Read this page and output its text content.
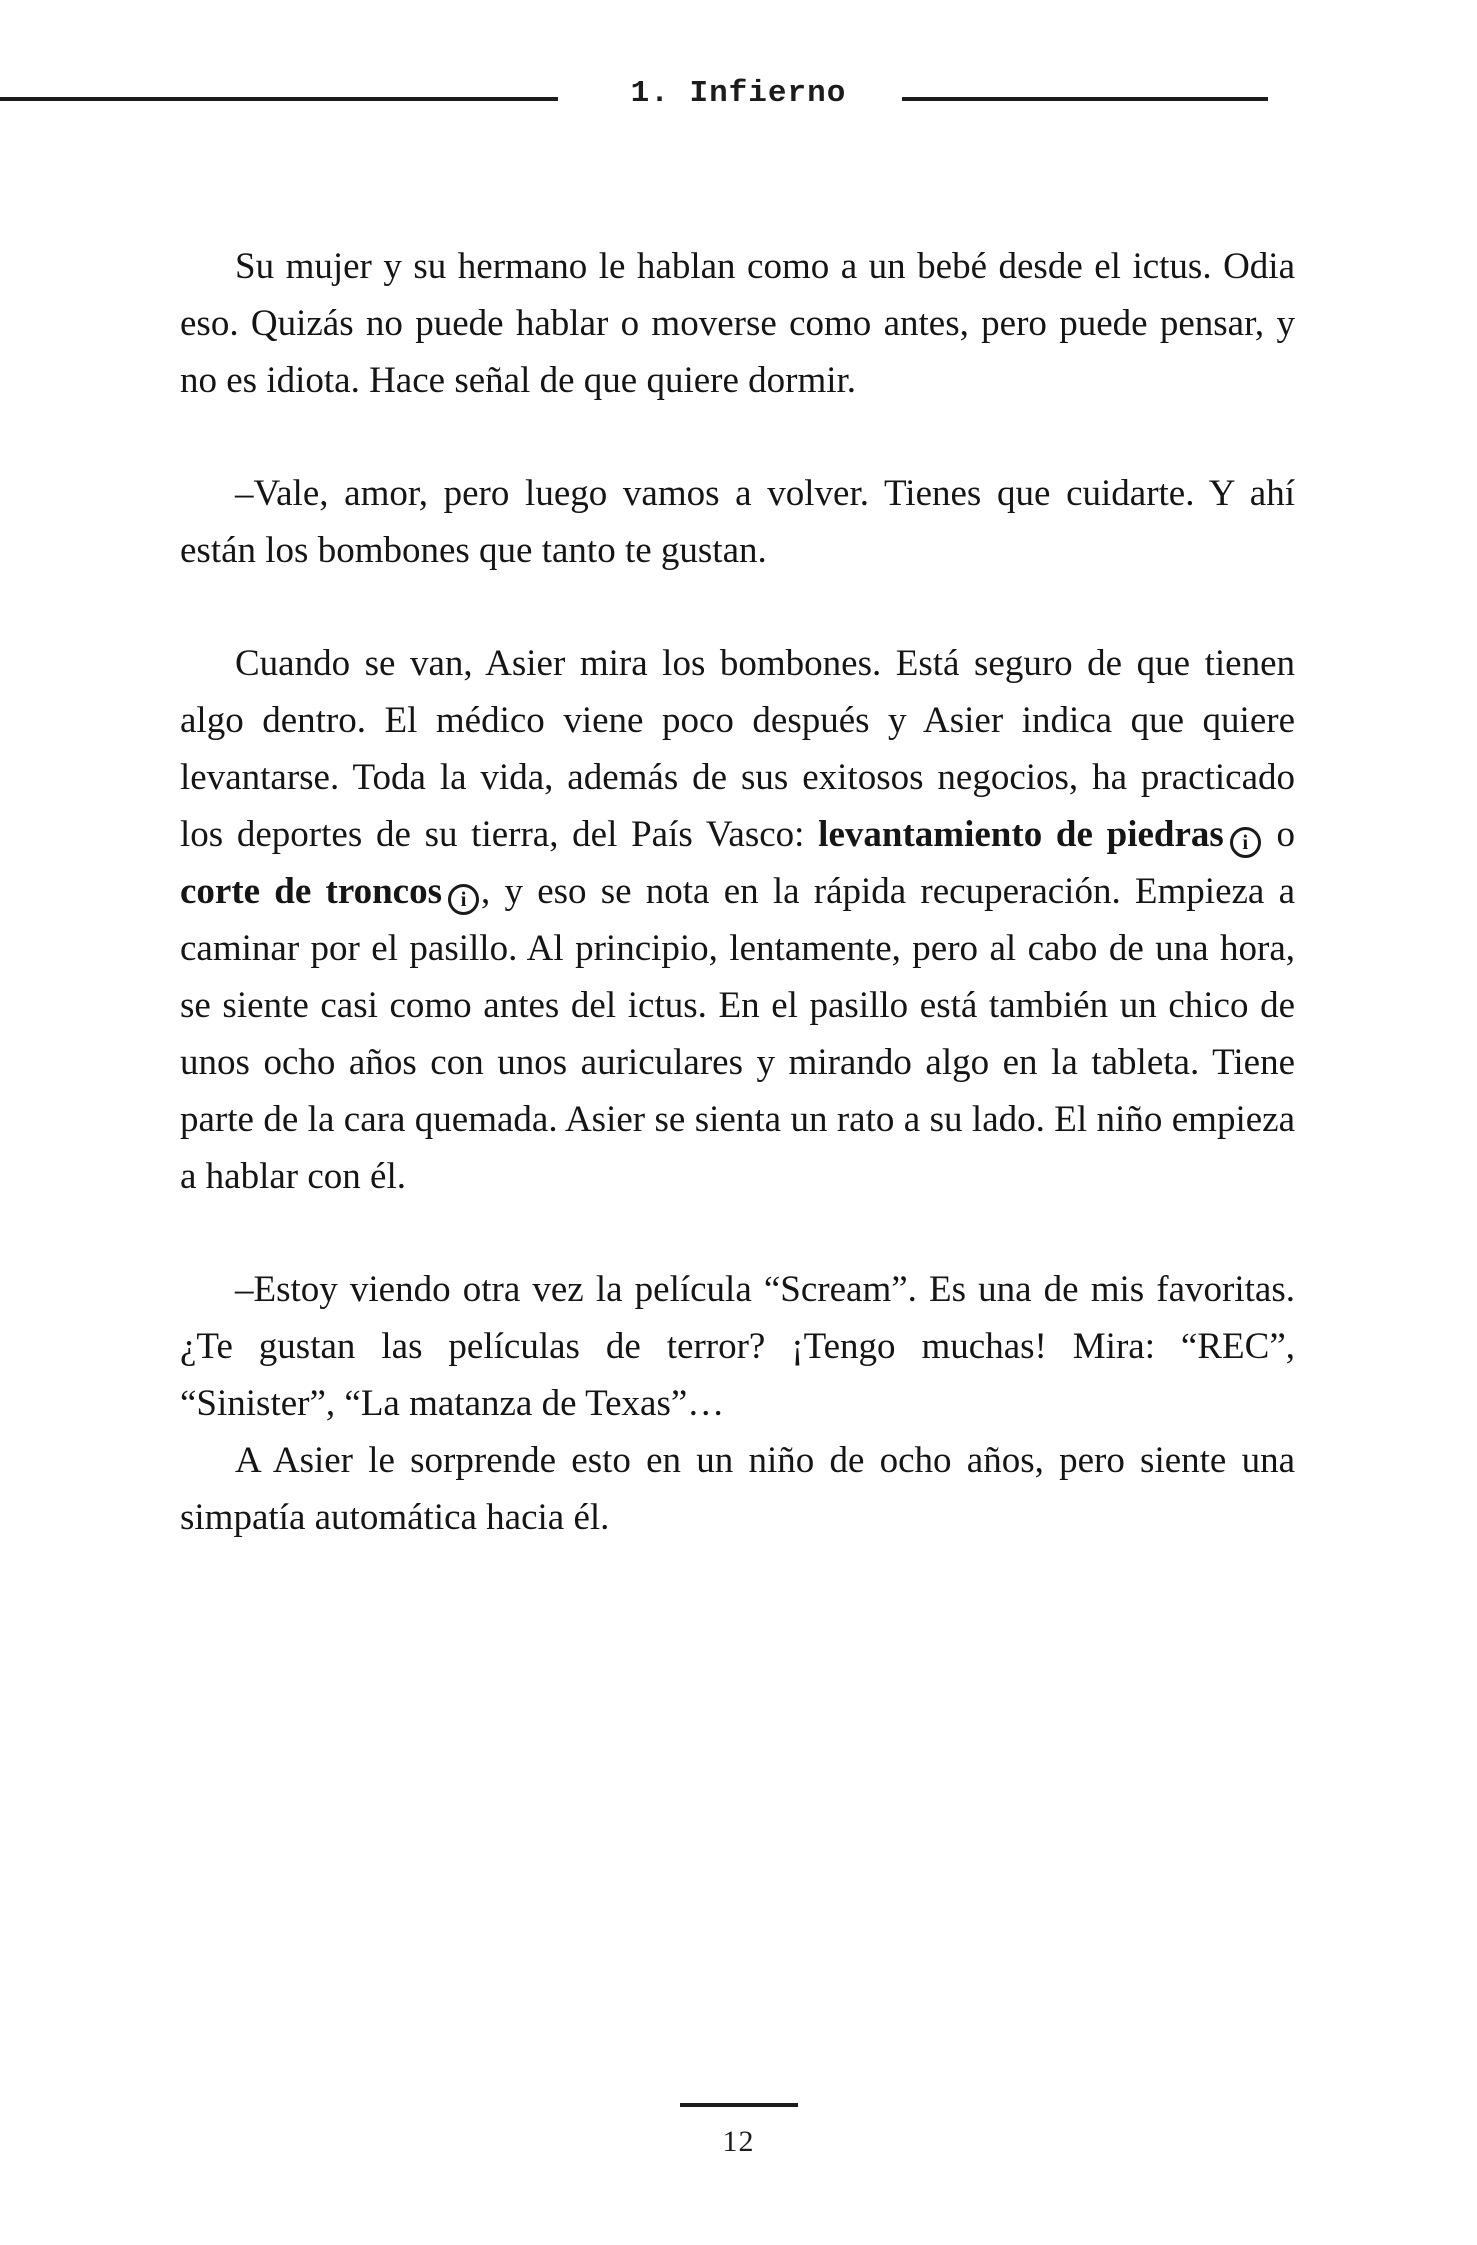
1. Infierno

Su mujer y su hermano le hablan como a un bebé desde el ictus. Odia eso. Quizás no puede hablar o moverse como antes, pero puede pensar, y no es idiota. Hace señal de que quiere dormir.

–Vale, amor, pero luego vamos a volver. Tienes que cuidarte. Y ahí están los bombones que tanto te gustan.

Cuando se van, Asier mira los bombones. Está seguro de que tienen algo dentro. El médico viene poco después y Asier indica que quiere levantarse. Toda la vida, además de sus exitosos negocios, ha practicado los deportes de su tierra, del País Vasco: levantamiento de piedras i o corte de troncos i , y eso se nota en la rápida recuperación. Empieza a caminar por el pasillo. Al principio, lentamente, pero al cabo de una hora, se siente casi como antes del ictus. En el pasillo está también un chico de unos ocho años con unos auriculares y mirando algo en la tableta. Tiene parte de la cara quemada. Asier se sienta un rato a su lado. El niño empieza a hablar con él.

–Estoy viendo otra vez la película “Scream”. Es una de mis favoritas. ¿Te gustan las películas de terror? ¡Tengo muchas! Mira: “REC”, “Sinister”, “La matanza de Texas”…

A Asier le sorprende esto en un niño de ocho años, pero siente una simpatía automática hacia él.

12
